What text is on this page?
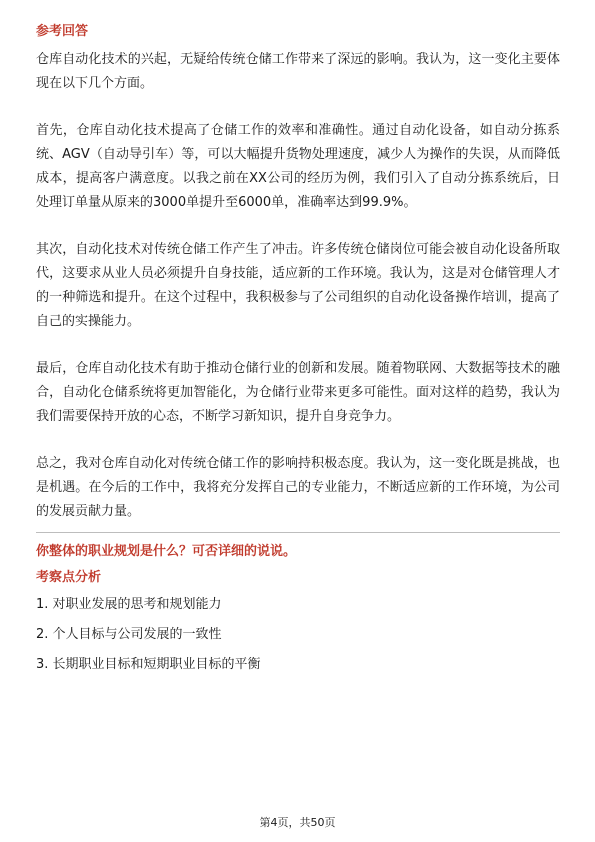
参考回答

仓库自动化技术的兴起，无疑给传统仓储工作带来了深远的影响。我认为，这一变化主要体现在以下几个方面。

首先，仓库自动化技术提高了仓储工作的效率和准确性。通过自动化设备，如自动分拣系统、AGV（自动导引车）等，可以大幅提升货物处理速度，减少人为操作的失误，从而降低成本，提高客户满意度。以我之前在XX公司的经历为例，我们引入了自动分拣系统后，日处理订单量从原来的3000单提升至6000单，准确率达到99.9%。

其次，自动化技术对传统仓储工作产生了冲击。许多传统仓储岗位可能会被自动化设备所取代，这要求从业人员必须提升自身技能，适应新的工作环境。我认为，这是对仓储管理人才的一种筛选和提升。在这个过程中，我积极参与了公司组织的自动化设备操作培训，提高了自己的实操能力。

最后，仓库自动化技术有助于推动仓储行业的创新和发展。随着物联网、大数据等技术的融合，自动化仓储系统将更加智能化，为仓储行业带来更多可能性。面对这样的趋势，我认为我们需要保持开放的心态，不断学习新知识，提升自身竞争力。

总之，我对仓库自动化对传统仓储工作的影响持积极态度。我认为，这一变化既是挑战，也是机遇。在今后的工作中，我将充分发挥自己的专业能力，不断适应新的工作环境，为公司的发展贡献力量。

你整体的职业规划是什么？可否详细的说说。
考察点分析
1. 对职业发展的思考和规划能力
2. 个人目标与公司发展的一致性
3. 长期职业目标和短期职业目标的平衡
第4页，共50页
